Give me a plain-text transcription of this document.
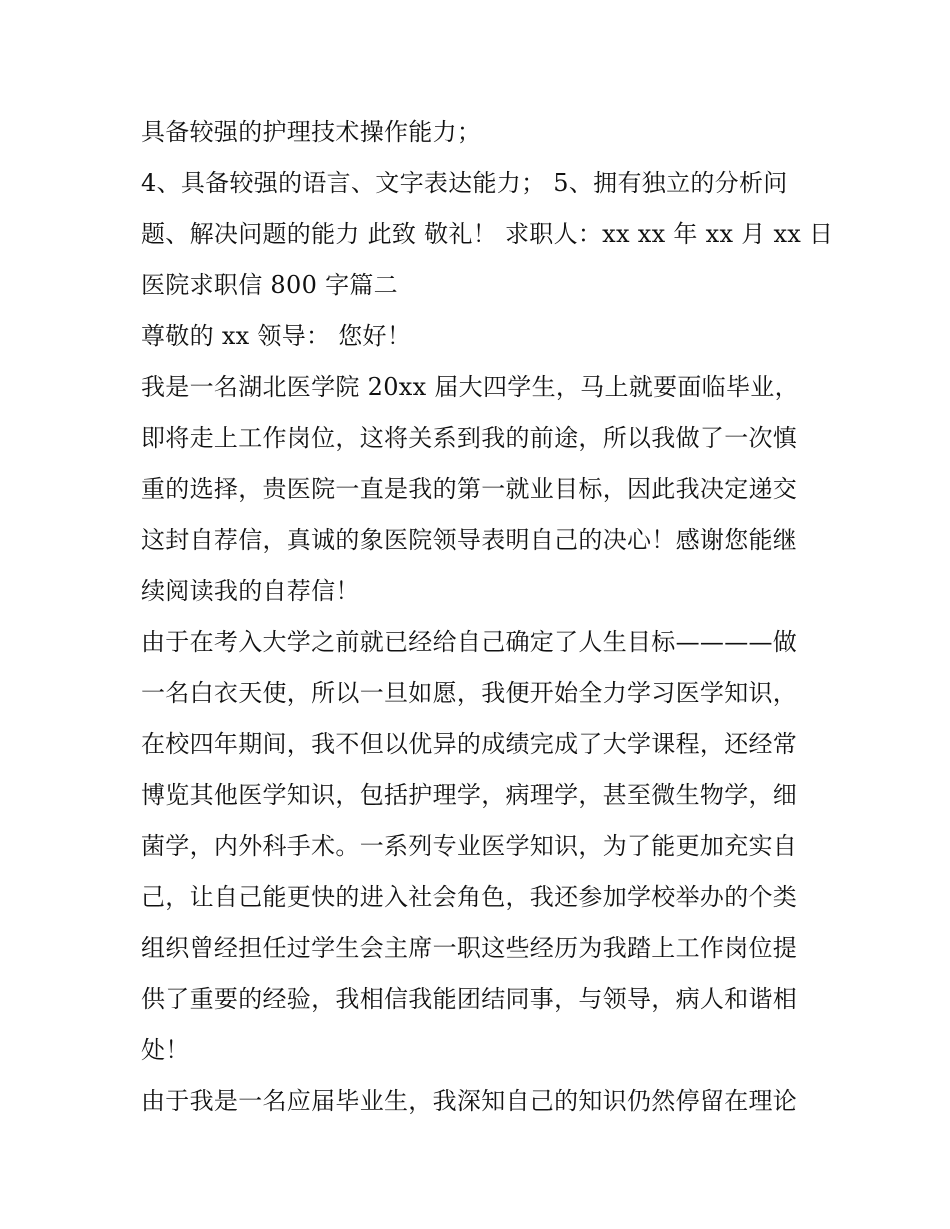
具备较强的护理技术操作能力；
4、具备较强的语言、文字表达能力； 5、拥有独立的分析问
题、解决问题的能力 此致 敬礼！ 求职人：xx xx 年 xx 月 xx 日
医院求职信 800 字篇二
尊敬的 xx 领导： 您好！
我是一名湖北医学院 20xx 届大四学生，马上就要面临毕业，
即将走上工作岗位，这将关系到我的前途，所以我做了一次慎
重的选择，贵医院一直是我的第一就业目标，因此我决定递交
这封自荐信，真诚的象医院领导表明自己的决心！感谢您能继
续阅读我的自荐信！
由于在考入大学之前就已经给自己确定了人生目标————做
一名白衣天使，所以一旦如愿，我便开始全力学习医学知识，
在校四年期间，我不但以优异的成绩完成了大学课程，还经常
博览其他医学知识，包括护理学，病理学，甚至微生物学，细
菌学，内外科手术。一系列专业医学知识，为了能更加充实自
己，让自己能更快的进入社会角色，我还参加学校举办的个类
组织曾经担任过学生会主席一职这些经历为我踏上工作岗位提
供了重要的经验，我相信我能团结同事，与领导，病人和谐相
处！
由于我是一名应届毕业生，我深知自己的知识仍然停留在理论
